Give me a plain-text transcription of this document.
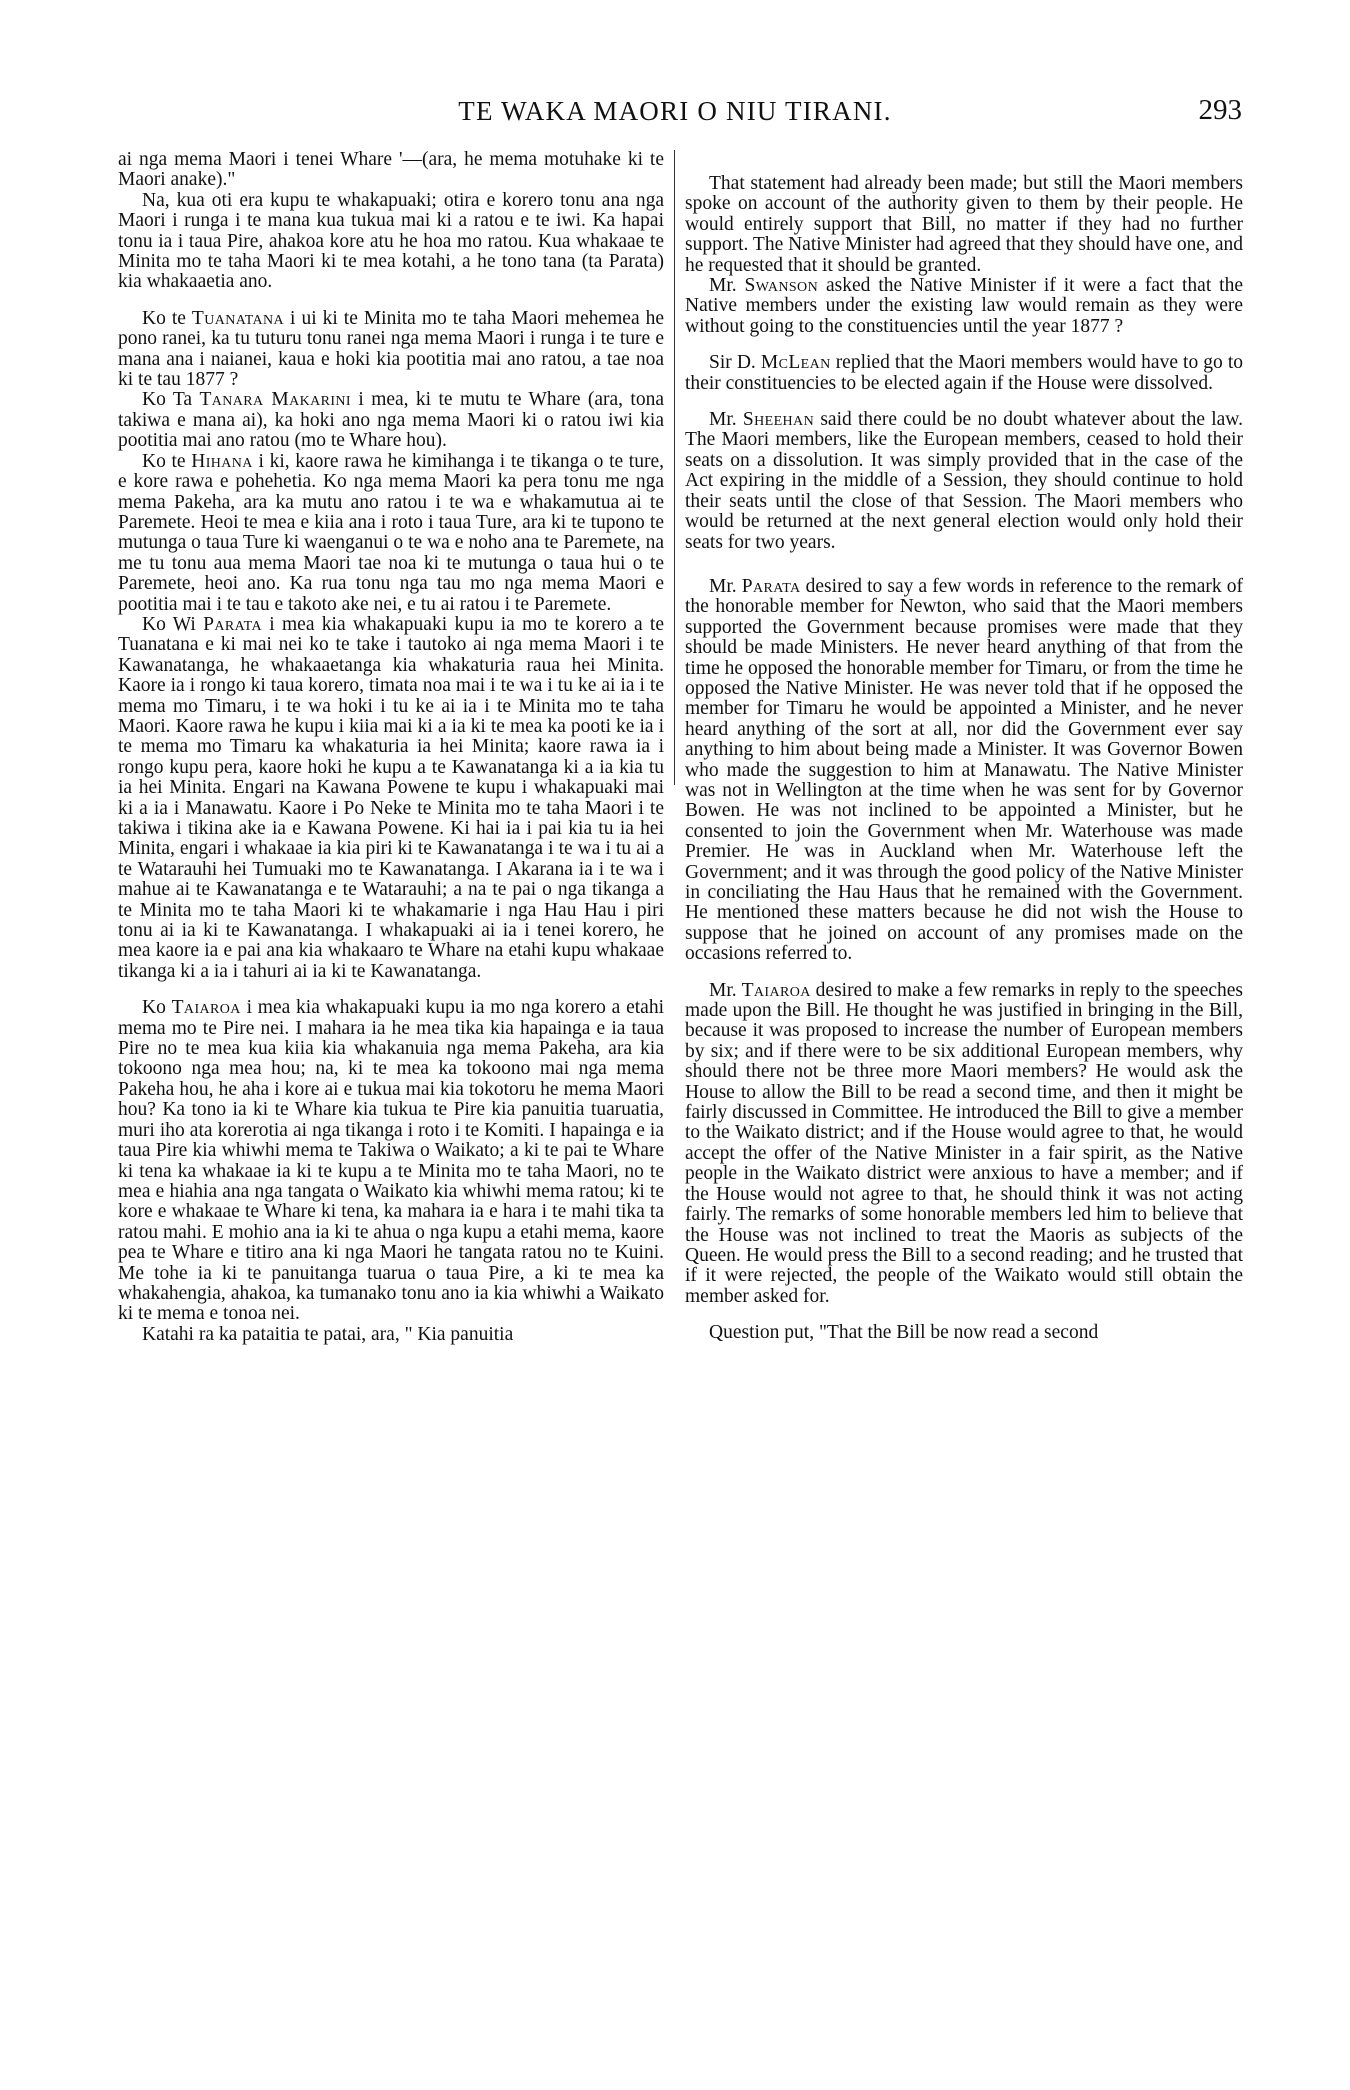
TE WAKA MAORI O NIU TIRANI.	293

ai nga mema Maori i tenei Whare '—(ara, he mema motuhake ki te Maori anake)."

Na, kua oti era kupu te whakapuaki; otira e korero tonu ana nga Maori i runga i te mana kua tukua mai ki a ratou e te iwi. Ka hapai tonu ia i taua Pire, ahakoa kore atu he hoa mo ratou. Kua whakaae te Minita mo te taha Maori ki te mea kotahi, a he tono tana (ta Parata) kia whakaaetia ano.

Ko te Tuanatana i ui ki te Minita mo te taha Maori mehemea he pono ranei, ka tu tuturu tonu ranei nga mema Maori i runga i te ture e mana ana i naianei, kaua e hoki kia pootitia mai ano ratou, a tae noa ki te tau 1877 ?

Ko Ta Tanara Makarini i mea, ki te mutu te Whare (ara, tona takiwa e mana ai), ka hoki ano nga mema Maori ki o ratou iwi kia pootitia mai ano ratou (mo te Whare hou).

Ko te Hihana i ki, kaore rawa he kimihanga i te tikanga o te ture, e kore rawa e pohehetia. Ko nga mema Maori ka pera tonu me nga mema Pakeha, ara ka mutu ano ratou i te wa e whakamutua ai te Paremete. Heoi te mea e kiia ana i roto i taua Ture, ara ki te tupono te mutunga o taua Ture ki waenganui o te wa e noho ana te Paremete, na me tu tonu aua mema Maori tae noa ki te mutunga o taua hui o te Paremete, heoi ano. Ka rua tonu nga tau mo nga mema Maori e pootitia mai i te tau e takoto ake nei, e tu ai ratou i te Paremete.

Ko Wi Parata i mea kia whakapuaki kupu ia mo te korero a te Tuanatana e ki mai nei ko te take i tautoko ai nga mema Maori i te Kawanatanga, he whakaaetanga kia whakaturia raua hei Minita. Kaore ia i rongo ki taua korero, timata noa mai i te wa i tu ke ai ia i te mema mo Timaru, i te wa hoki i tu ke ai ia i te Minita mo te taha Maori. Kaore rawa he kupu i kiia mai ki a ia ki te mea ka pooti ke ia i te mema mo Timaru ka whakaturia ia hei Minita; kaore rawa ia i rongo kupu pera, kaore hoki he kupu a te Kawanatanga ki a ia kia tu ia hei Minita. Engari na Kawana Powene te kupu i whakapuaki mai ki a ia i Manawatu. Kaore i Po Neke te Minita mo te taha Maori i te takiwa i tikina ake ia e Kawana Powene. Ki hai ia i pai kia tu ia hei Minita, engari i whakaae ia kia piri ki te Kawanatanga i te wa i tu ai a te Watarauhi hei Tumuaki mo te Kawanatanga. I Akarana ia i te wa i mahue ai te Kawanatanga e te Watarauhi; a na te pai o nga tikanga a te Minita mo te taha Maori ki te whakamarie i nga Hau Hau i piri tonu ai ia ki te Kawanatanga. I whakapuaki ai ia i tenei korero, he mea kaore ia e pai ana kia whakaaro te Whare na etahi kupu whakaae tikanga ki a ia i tahuri ai ia ki te Kawanatanga.

Ko Taiaroa i mea kia whakapuaki kupu ia mo nga korero a etahi mema mo te Pire nei. I mahara ia he mea tika kia hapainga e ia taua Pire no te mea kua kiia kia whakanuia nga mema Pakeha, ara kia tokoono nga mea hou; na, ki te mea ka tokoono mai nga mema Pakeha hou, he aha i kore ai e tukua mai kia tokotoru he mema Maori hou? Ka tono ia ki te Whare kia tukua te Pire kia panuitia tuaruatia, muri iho ata korerotia ai nga tikanga i roto i te Komiti. I hapainga e ia taua Pire kia whiwhi mema te Takiwa o Waikato; a ki te pai te Whare ki tena ka whakaae ia ki te kupu a te Minita mo te taha Maori, no te mea e hiahia ana nga tangata o Waikato kia whiwhi mema ratou; ki te kore e whakaae te Whare ki tena, ka mahara ia e hara i te mahi tika ta ratou mahi. E mohio ana ia ki te ahua o nga kupu a etahi mema, kaore pea te Whare e titiro ana ki nga Maori he tangata ratou no te Kuini. Me tohe ia ki te panuitanga tuarua o taua Pire, a ki te mea ka whakahengia, ahakoa, ka tumanako tonu ano ia kia whiwhi a Waikato ki te mema e tonoa nei.

Katahi ra ka pataitia te patai, ara, " Kia panuitia

That statement had already been made; but still the Maori members spoke on account of the authority given to them by their people. He would entirely support that Bill, no matter if they had no further support. The Native Minister had agreed that they should have one, and he requested that it should be granted.

Mr. Swanson asked the Native Minister if it were a fact that the Native members under the existing law would remain as they were without going to the constituencies until the year 1877 ?

Sir D. McLean replied that the Maori members would have to go to their constituencies to be elected again if the House were dissolved.

Mr. Sheehan said there could be no doubt whatever about the law. The Maori members, like the European members, ceased to hold their seats on a dissolution. It was simply provided that in the case of the Act expiring in the middle of a Session, they should continue to hold their seats until the close of that Session. The Maori members who would be returned at the next general election would only hold their seats for two years.

Mr. Parata desired to say a few words in reference to the remark of the honorable member for Newton, who said that the Maori members supported the Government because promises were made that they should be made Ministers. He never heard anything of that from the time he opposed the honorable member for Timaru, or from the time he opposed the Native Minister. He was never told that if he opposed the member for Timaru he would be appointed a Minister, and he never heard anything of the sort at all, nor did the Government ever say anything to him about being made a Minister. It was Governor Bowen who made the suggestion to him at Manawatu. The Native Minister was not in Wellington at the time when he was sent for by Governor Bowen. He was not inclined to be appointed a Minister, but he consented to join the Government when Mr. Waterhouse was made Premier. He was in Auckland when Mr. Waterhouse left the Government; and it was through the good policy of the Native Minister in conciliating the Hau Haus that he remained with the Government. He mentioned these matters because he did not wish the House to suppose that he joined on account of any promises made on the occasions referred to.

Mr. Taiaroa desired to make a few remarks in reply to the speeches made upon the Bill. He thought he was justified in bringing in the Bill, because it was proposed to increase the number of European members by six; and if there were to be six additional European members, why should there not be three more Maori members? He would ask the House to allow the Bill to be read a second time, and then it might be fairly discussed in Committee. He introduced the Bill to give a member to the Waikato district; and if the House would agree to that, he would accept the offer of the Native Minister in a fair spirit, as the Native people in the Waikato district were anxious to have a member; and if the House would not agree to that, he should think it was not acting fairly. The remarks of some honorable members led him to believe that the House was not inclined to treat the Maoris as subjects of the Queen. He would press the Bill to a second reading; and he trusted that if it were rejected, the people of the Waikato would still obtain the member asked for.

Question put, "That the Bill be now read a second
